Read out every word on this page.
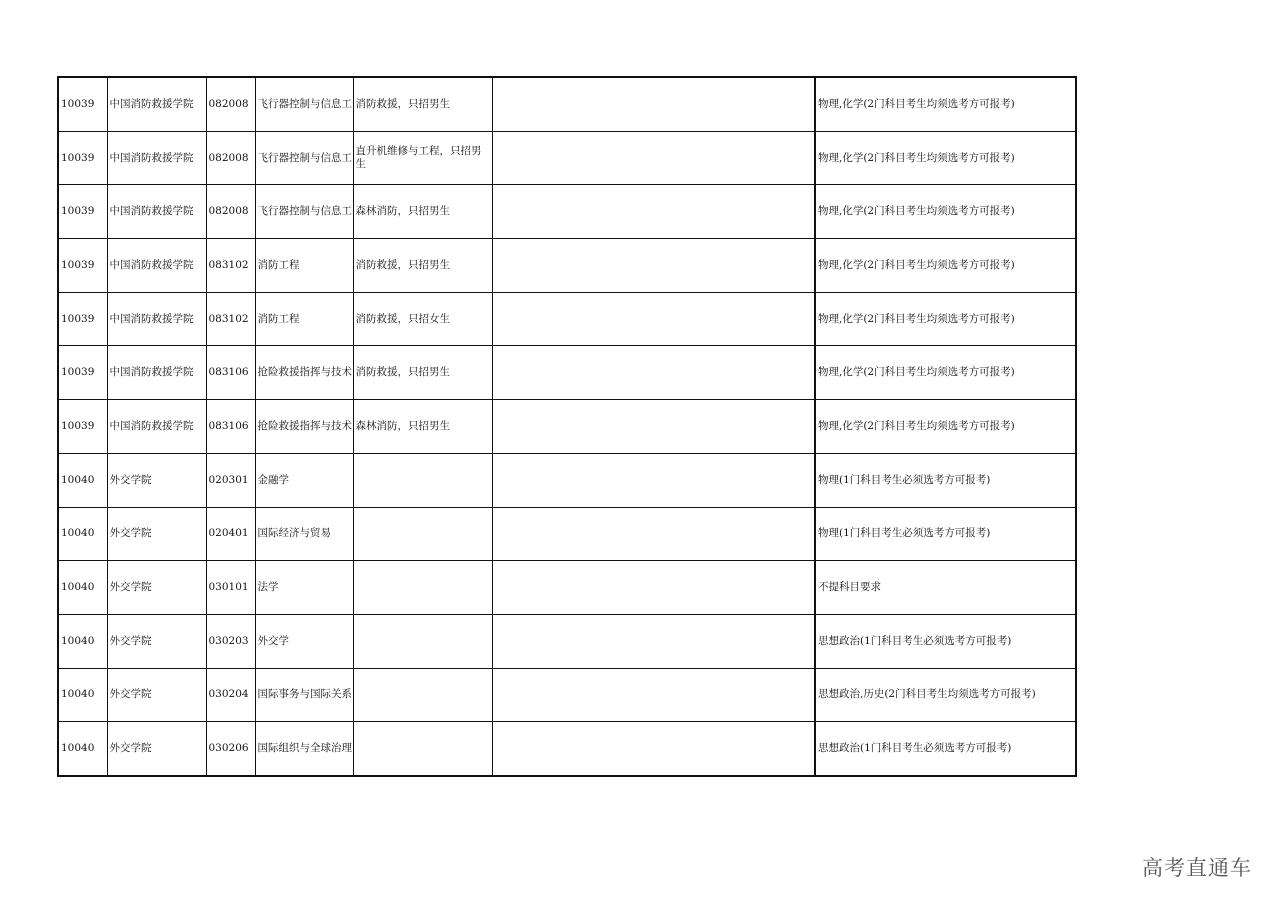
10039	中国消防救援学院	082008	飞行器控制与信息工	消防救援，只招男生		物理,化学(2门科目考生均须选考方可报考)
10039	中国消防救援学院	082008	飞行器控制与信息工	直升机维修与工程，只招男生		物理,化学(2门科目考生均须选考方可报考)
10039	中国消防救援学院	082008	飞行器控制与信息工	森林消防，只招男生		物理,化学(2门科目考生均须选考方可报考)
10039	中国消防救援学院	083102	消防工程	消防救援，只招男生		物理,化学(2门科目考生均须选考方可报考)
10039	中国消防救援学院	083102	消防工程	消防救援，只招女生		物理,化学(2门科目考生均须选考方可报考)
10039	中国消防救援学院	083106	抢险救援指挥与技术	消防救援，只招男生		物理,化学(2门科目考生均须选考方可报考)
10039	中国消防救援学院	083106	抢险救援指挥与技术	森林消防，只招男生		物理,化学(2门科目考生均须选考方可报考)
10040	外交学院	020301	金融学			物理(1门科目考生必须选考方可报考)
10040	外交学院	020401	国际经济与贸易			物理(1门科目考生必须选考方可报考)
10040	外交学院	030101	法学			不提科目要求
10040	外交学院	030203	外交学			思想政治(1门科目考生必须选考方可报考)
10040	外交学院	030204	国际事务与国际关系			思想政治,历史(2门科目考生均须选考方可报考)
10040	外交学院	030206	国际组织与全球治理			思想政治(1门科目考生必须选考方可报考)
高考直通车
